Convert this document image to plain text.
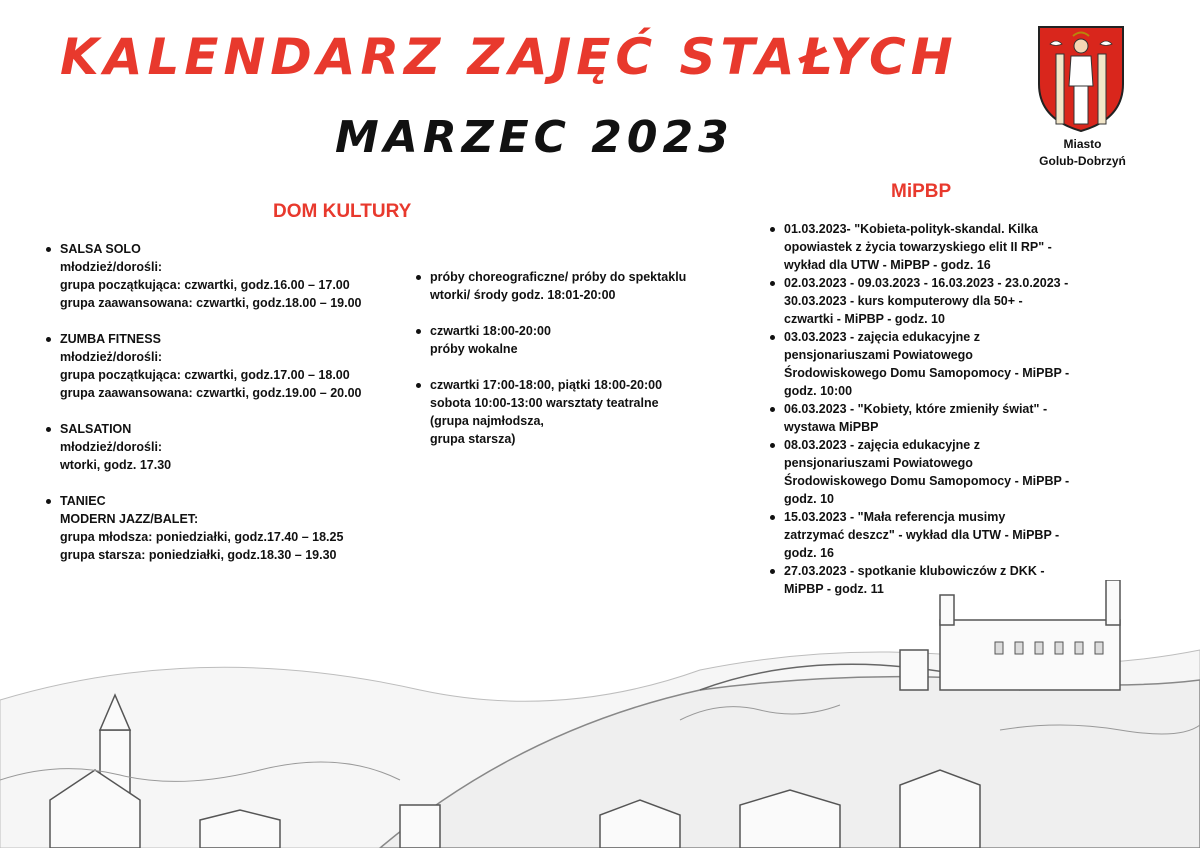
KALENDARZ ZAJĘĆ STAŁYCH
MARZEC 2023	Miasto
Golub-Dobrzyń
DOM KULTURY
MiPBP
SALSA SOLO
młodzież/dorośli:
grupa początkująca: czwartki, godz.16.00 – 17.00
grupa zaawansowana: czwartki, godz.18.00 – 19.00
ZUMBA FITNESS
młodzież/dorośli:
grupa początkująca: czwartki, godz.17.00 – 18.00
grupa zaawansowana: czwartki, godz.19.00 – 20.00
SALSATION
młodzież/dorośli:
wtorki, godz. 17.30
TANIEC
MODERN JAZZ/BALET:
grupa młodsza: poniedziałki, godz.17.40 – 18.25
grupa starsza: poniedziałki, godz.18.30 – 19.30
próby choreograficzne/ próby do spektaklu
wtorki/ środy godz. 18:01-20:00
czwartki 18:00-20:00
próby wokalne
czwartki 17:00-18:00, piątki 18:00-20:00
sobota 10:00-13:00 warsztaty teatralne
(grupa najmłodsza,
grupa starsza)
01.03.2023- "Kobieta-polityk-skandal. Kilka
opowiastek z życia towarzyskiego elit II RP" -
wykład dla UTW - MiPBP - godz. 16
02.03.2023 - 09.03.2023 - 16.03.2023 - 23.0.2023 -
30.03.2023 - kurs komputerowy dla 50+ -
czwartki - MiPBP - godz. 10
03.03.2023 - zajęcia edukacyjne z
pensjonariuszami Powiatowego
Środowiskowego Domu Samopomocy - MiPBP -
godz. 10:00
06.03.2023 - "Kobiety, które zmieniły świat" -
wystawa MiPBP
08.03.2023 - zajęcia edukacyjne z
pensjonariuszami Powiatowego
Środowiskowego Domu Samopomocy - MiPBP -
godz. 10
15.03.2023 - "Mała referencja musimy
zatrzymać deszcz" - wykład dla UTW - MiPBP -
godz. 16
27.03.2023 - spotkanie klubowiczów z DKK -
MiPBP - godz. 11
